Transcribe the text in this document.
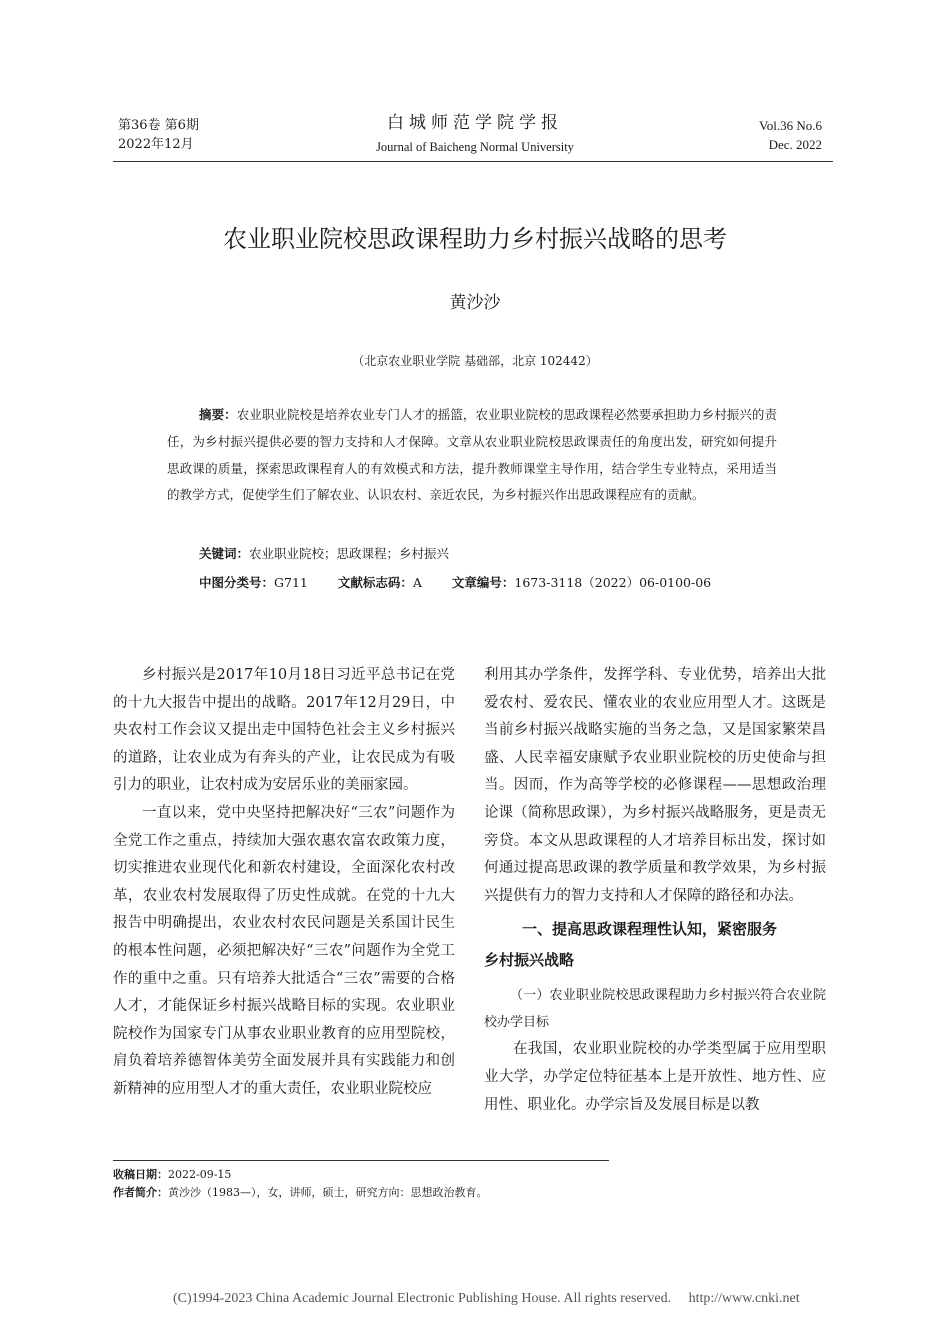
第36卷 第6期
2022年12月
白城师范学院学报
Journal of Baicheng Normal University
Vol.36 No.6
Dec. 2022
农业职业院校思政课程助力乡村振兴战略的思考
黄沙沙
（北京农业职业学院 基础部，北京 102442）
摘要：农业职业院校是培养农业专门人才的摇篮，农业职业院校的思政课程必然要承担助力乡村振兴的责任，为乡村振兴提供必要的智力支持和人才保障。文章从农业职业院校思政课责任的角度出发，研究如何提升思政课的质量，探索思政课程育人的有效模式和方法，提升教师课堂主导作用，结合学生专业特点，采用适当的教学方式，促使学生们了解农业、认识农村、亲近农民，为乡村振兴作出思政课程应有的贡献。
关键词：农业职业院校；思政课程；乡村振兴
中图分类号：G711 文献标志码：A 文章编号：1673-3118（2022）06-0100-06

乡村振兴是2017年10月18日习近平总书记在党的十九大报告中提出的战略。2017年12月29日，中央农村工作会议又提出走中国特色社会主义乡村振兴的道路，让农业成为有奔头的产业，让农民成为有吸引力的职业，让农村成为安居乐业的美丽家园。

一直以来，党中央坚持把解决好“三农”问题作为全党工作之重点，持续加大强农惠农富农政策力度，切实推进农业现代化和新农村建设，全面深化农村改革，农业农村发展取得了历史性成就。在党的十九大报告中明确提出，农业农村农民问题是关系国计民生的根本性问题，必须把解决好“三农”问题作为全党工作的重中之重。只有培养大批适合“三农”需要的合格人才，才能保证乡村振兴战略目标的实现。农业职业院校作为国家专门从事农业职业教育的应用型院校，肩负着培养德智体美劳全面发展并具有实践能力和创新精神的应用型人才的重大责任，农业职业院校应

利用其办学条件，发挥学科、专业优势，培养出大批爱农村、爱农民、懂农业的农业应用型人才。这既是当前乡村振兴战略实施的当务之急，又是国家繁荣昌盛、人民幸福安康赋予农业职业院校的历史使命与担当。因而，作为高等学校的必修课程——思想政治理论课（简称思政课），为乡村振兴战略服务，更是责无旁贷。本文从思政课程的人才培养目标出发，探讨如何通过提高思政课的教学质量和教学效果，为乡村振兴提供有力的智力支持和人才保障的路径和办法。
一、提高思政课程理性认知，紧密服务
乡村振兴战略

（一）农业职业院校思政课程助力乡村振兴符合农业院校办学目标

在我国，农业职业院校的办学类型属于应用型职业大学，办学定位特征基本上是开放性、地方性、应用性、职业化。办学宗旨及发展目标是以教

收稿日期：2022-09-15
作者简介：黄沙沙（1983—），女，讲师，硕士，研究方向：思想政治教育。
(C)1994-2023 China Academic Journal Electronic Publishing House. All rights reserved. http://www.cnki.net
